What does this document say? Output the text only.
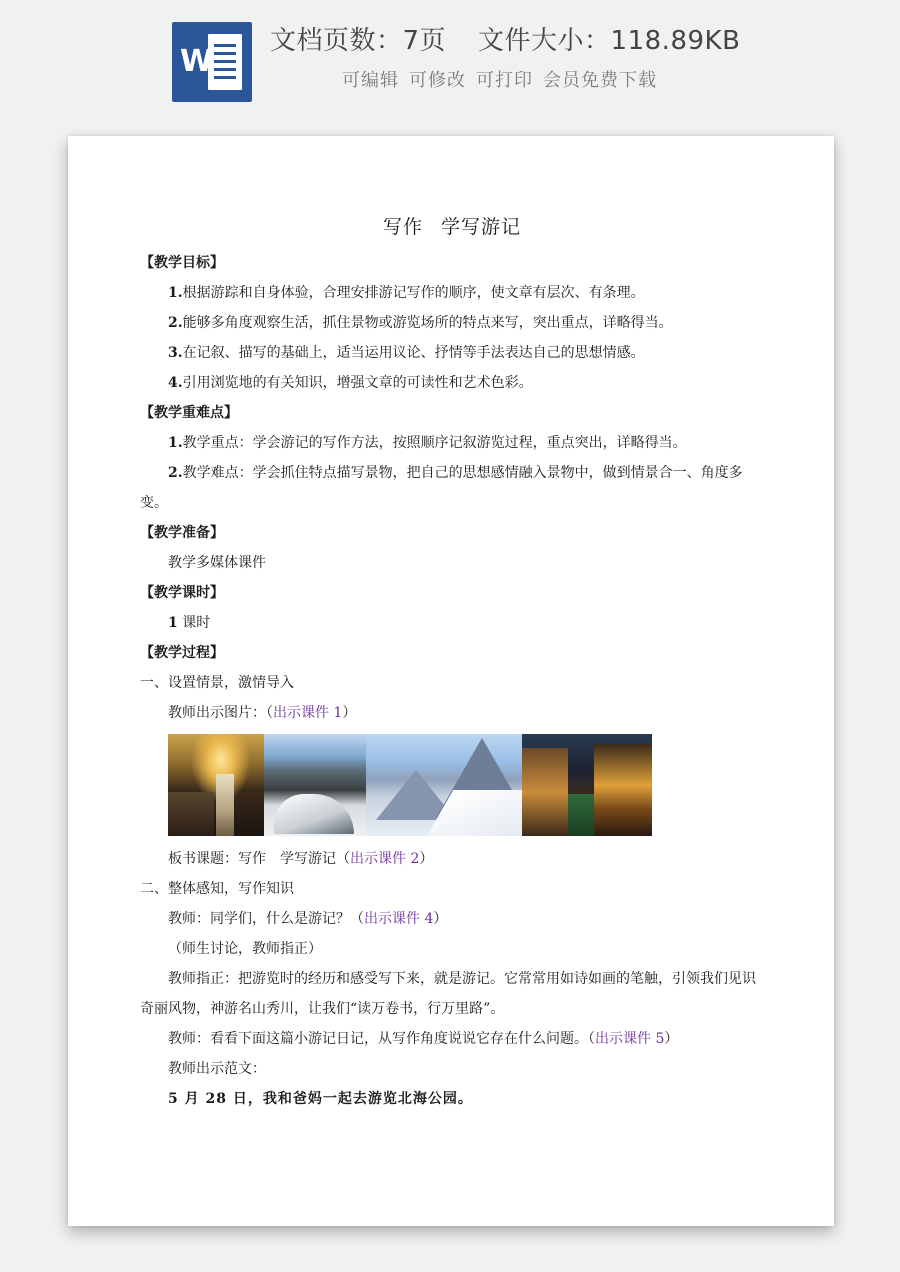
W
文档页数：7页 文件大小：118.89KB
可编辑 可修改 可打印 会员免费下载

写作 学写游记

【教学目标】

1.根据游踪和自身体验，合理安排游记写作的顺序，使文章有层次、有条理。

2.能够多角度观察生活，抓住景物或游览场所的特点来写，突出重点，详略得当。

3.在记叙、描写的基础上，适当运用议论、抒情等手法表达自己的思想情感。

4.引用浏览地的有关知识，增强文章的可读性和艺术色彩。

【教学重难点】

1.教学重点：学会游记的写作方法，按照顺序记叙游览过程，重点突出，详略得当。

2.教学难点：学会抓住特点描写景物，把自己的思想感情融入景物中，做到情景合一、角度多变。

【教学准备】

教学多媒体课件

【教学课时】

1 课时

【教学过程】

一、设置情景，激情导入

教师出示图片：（出示课件 1）

板书课题：写作　学写游记（出示课件 2）

二、整体感知，写作知识

教师：同学们，什么是游记？（出示课件 4）

（师生讨论，教师指正）

教师指正：把游览时的经历和感受写下来，就是游记。它常常用如诗如画的笔触，引领我们见识奇丽风物，神游名山秀川，让我们“读万卷书，行万里路”。

教师：看看下面这篇小游记日记，从写作角度说说它存在什么问题。（出示课件 5）

教师出示范文：

5 月 28 日，我和爸妈一起去游览北海公园。
